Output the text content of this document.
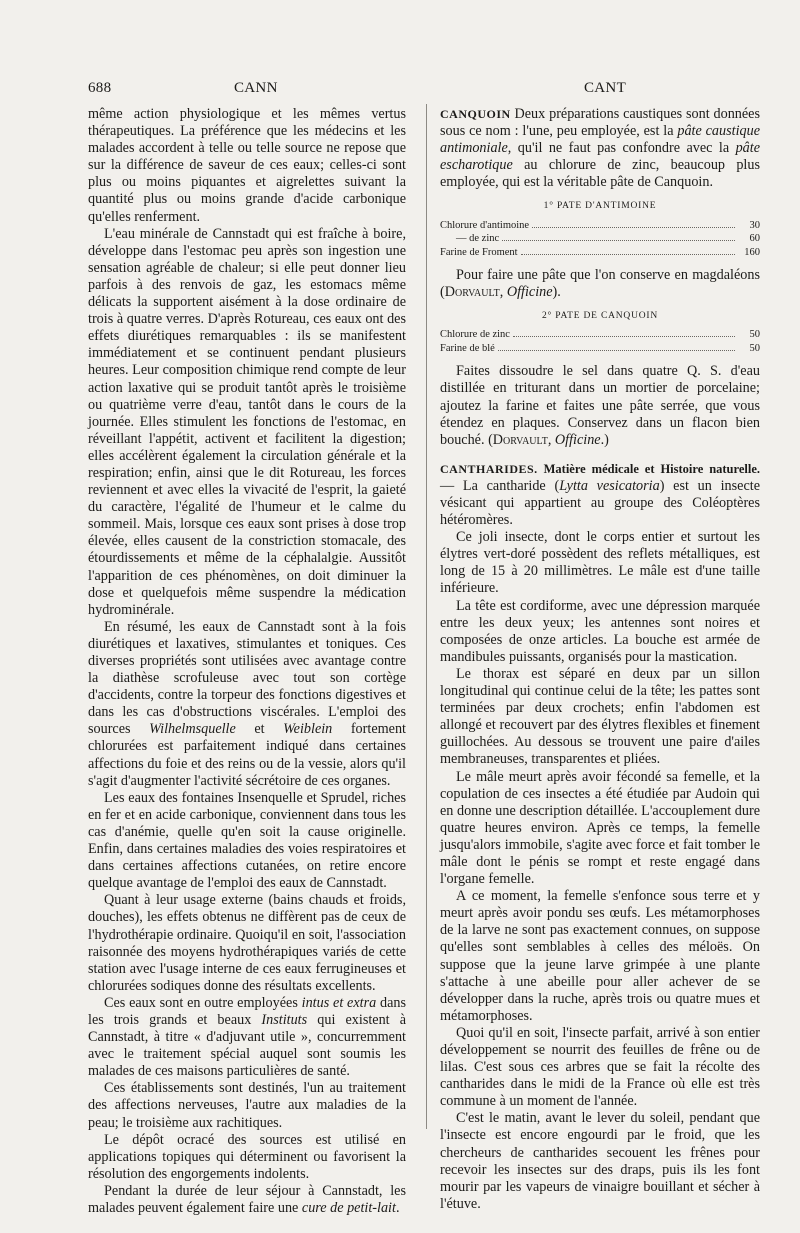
688	CANN	CANT

même action physiologique et les mêmes vertus thérapeutiques. La préférence que les médecins et les malades accordent à telle ou telle source ne repose que sur la différence de saveur de ces eaux; celles-ci sont plus ou moins piquantes et aigrelettes suivant la quantité plus ou moins grande d'acide carbonique qu'elles renferment.

L'eau minérale de Cannstadt qui est fraîche à boire, développe dans l'estomac peu après son ingestion une sensation agréable de chaleur; si elle peut donner lieu parfois à des renvois de gaz, les estomacs même délicats la supportent aisément à la dose ordinaire de trois à quatre verres. D'après Rotureau, ces eaux ont des effets diurétiques remarquables : ils se manifestent immédiatement et se continuent pendant plusieurs heures. Leur composition chimique rend compte de leur action laxative qui se produit tantôt après le troisième ou quatrième verre d'eau, tantôt dans le cours de la journée. Elles stimulent les fonctions de l'estomac, en réveillant l'appétit, activent et facilitent la digestion; elles accélèrent également la circulation générale et la respiration; enfin, ainsi que le dit Rotureau, les forces reviennent et avec elles la vivacité de l'esprit, la gaieté du caractère, l'égalité de l'humeur et le calme du sommeil. Mais, lorsque ces eaux sont prises à dose trop élevée, elles causent de la constriction stomacale, des étourdissements et même de la céphalalgie. Aussitôt l'apparition de ces phénomènes, on doit diminuer la dose et quelquefois même suspendre la médication hydrominérale.

En résumé, les eaux de Cannstadt sont à la fois diurétiques et laxatives, stimulantes et toniques. Ces diverses propriétés sont utilisées avec avantage contre la diathèse scrofuleuse avec tout son cortège d'accidents, contre la torpeur des fonctions digestives et dans les cas d'obstructions viscérales. L'emploi des sources Wilhelmsquelle et Weiblein fortement chlorurées est parfaitement indiqué dans certaines affections du foie et des reins ou de la vessie, alors qu'il s'agit d'augmenter l'activité sécrétoire de ces organes.

Les eaux des fontaines Insenquelle et Sprudel, riches en fer et en acide carbonique, conviennent dans tous les cas d'anémie, quelle qu'en soit la cause originelle. Enfin, dans certaines maladies des voies respiratoires et dans certaines affections cutanées, on retire encore quelque avantage de l'emploi des eaux de Cannstadt.

Quant à leur usage externe (bains chauds et froids, douches), les effets obtenus ne diffèrent pas de ceux de l'hydrothérapie ordinaire. Quoiqu'il en soit, l'association raisonnée des moyens hydrothérapiques variés de cette station avec l'usage interne de ces eaux ferrugineuses et chlorurées sodiques donne des résultats excellents.

Ces eaux sont en outre employées intus et extra dans les trois grands et beaux Instituts qui existent à Cannstadt, à titre « d'adjuvant utile », concurremment avec le traitement spécial auquel sont soumis les malades de ces maisons particulières de santé.

Ces établissements sont destinés, l'un au traitement des affections nerveuses, l'autre aux maladies de la peau; le troisième aux rachitiques.

Le dépôt ocracé des sources est utilisé en applications topiques qui déterminent ou favorisent la résolution des engorgements indolents.

Pendant la durée de leur séjour à Cannstadt, les malades peuvent également faire une cure de petit-lait.

CANQUOIN Deux préparations caustiques sont données sous ce nom : l'une, peu employée, est la pâte caustique antimoniale, qu'il ne faut pas confondre avec la pâte escharotique au chlorure de zinc, beaucoup plus employée, qui est la véritable pâte de Canquoin.

1° PATE D'ANTIMOINE
Chlorure d'antimoine	30
— de zinc	60
Farine de Froment	160

Pour faire une pâte que l'on conserve en magdaléons (Dorvault, Officine).

2° PATE DE CANQUOIN
Chlorure de zinc	50
Farine de blé	50

Faites dissoudre le sel dans quatre Q. S. d'eau distillée en triturant dans un mortier de porcelaine; ajoutez la farine et faites une pâte serrée, que vous étendez en plaques. Conservez dans un flacon bien bouché. (Dorvault, Officine.)

CANTHARIDES. Matière médicale et Histoire naturelle. — La cantharide (Lytta vesicatoria) est un insecte vésicant qui appartient au groupe des Coléoptères hétéromères.

Ce joli insecte, dont le corps entier et surtout les élytres vert-doré possèdent des reflets métalliques, est long de 15 à 20 millimètres. Le mâle est d'une taille inférieure.

La tête est cordiforme, avec une dépression marquée entre les deux yeux; les antennes sont noires et composées de onze articles. La bouche est armée de mandibules puissants, organisés pour la mastication.

Le thorax est séparé en deux par un sillon longitudinal qui continue celui de la tête; les pattes sont terminées par deux crochets; enfin l'abdomen est allongé et recouvert par des élytres flexibles et finement guillochées. Au dessous se trouvent une paire d'ailes membraneuses, transparentes et pliées.

Le mâle meurt après avoir fécondé sa femelle, et la copulation de ces insectes a été étudiée par Audoin qui en donne une description détaillée. L'accouplement dure quatre heures environ. Après ce temps, la femelle jusqu'alors immobile, s'agite avec force et fait tomber le mâle dont le pénis se rompt et reste engagé dans l'organe femelle.

A ce moment, la femelle s'enfonce sous terre et y meurt après avoir pondu ses œufs. Les métamorphoses de la larve ne sont pas exactement connues, on suppose qu'elles sont semblables à celles des méloës. On suppose que la jeune larve grimpée à une plante s'attache à une abeille pour aller achever de se développer dans la ruche, après trois ou quatre mues et métamorphoses.

Quoi qu'il en soit, l'insecte parfait, arrivé à son entier développement se nourrit des feuilles de frêne ou de lilas. C'est sous ces arbres que se fait la récolte des cantharides dans le midi de la France où elle est très commune à un moment de l'année.

C'est le matin, avant le lever du soleil, pendant que l'insecte est encore engourdi par le froid, que les chercheurs de cantharides secouent les frênes pour recevoir les insectes sur des draps, puis ils les font mourir par les vapeurs de vinaigre bouillant et sécher à l'étuve.
